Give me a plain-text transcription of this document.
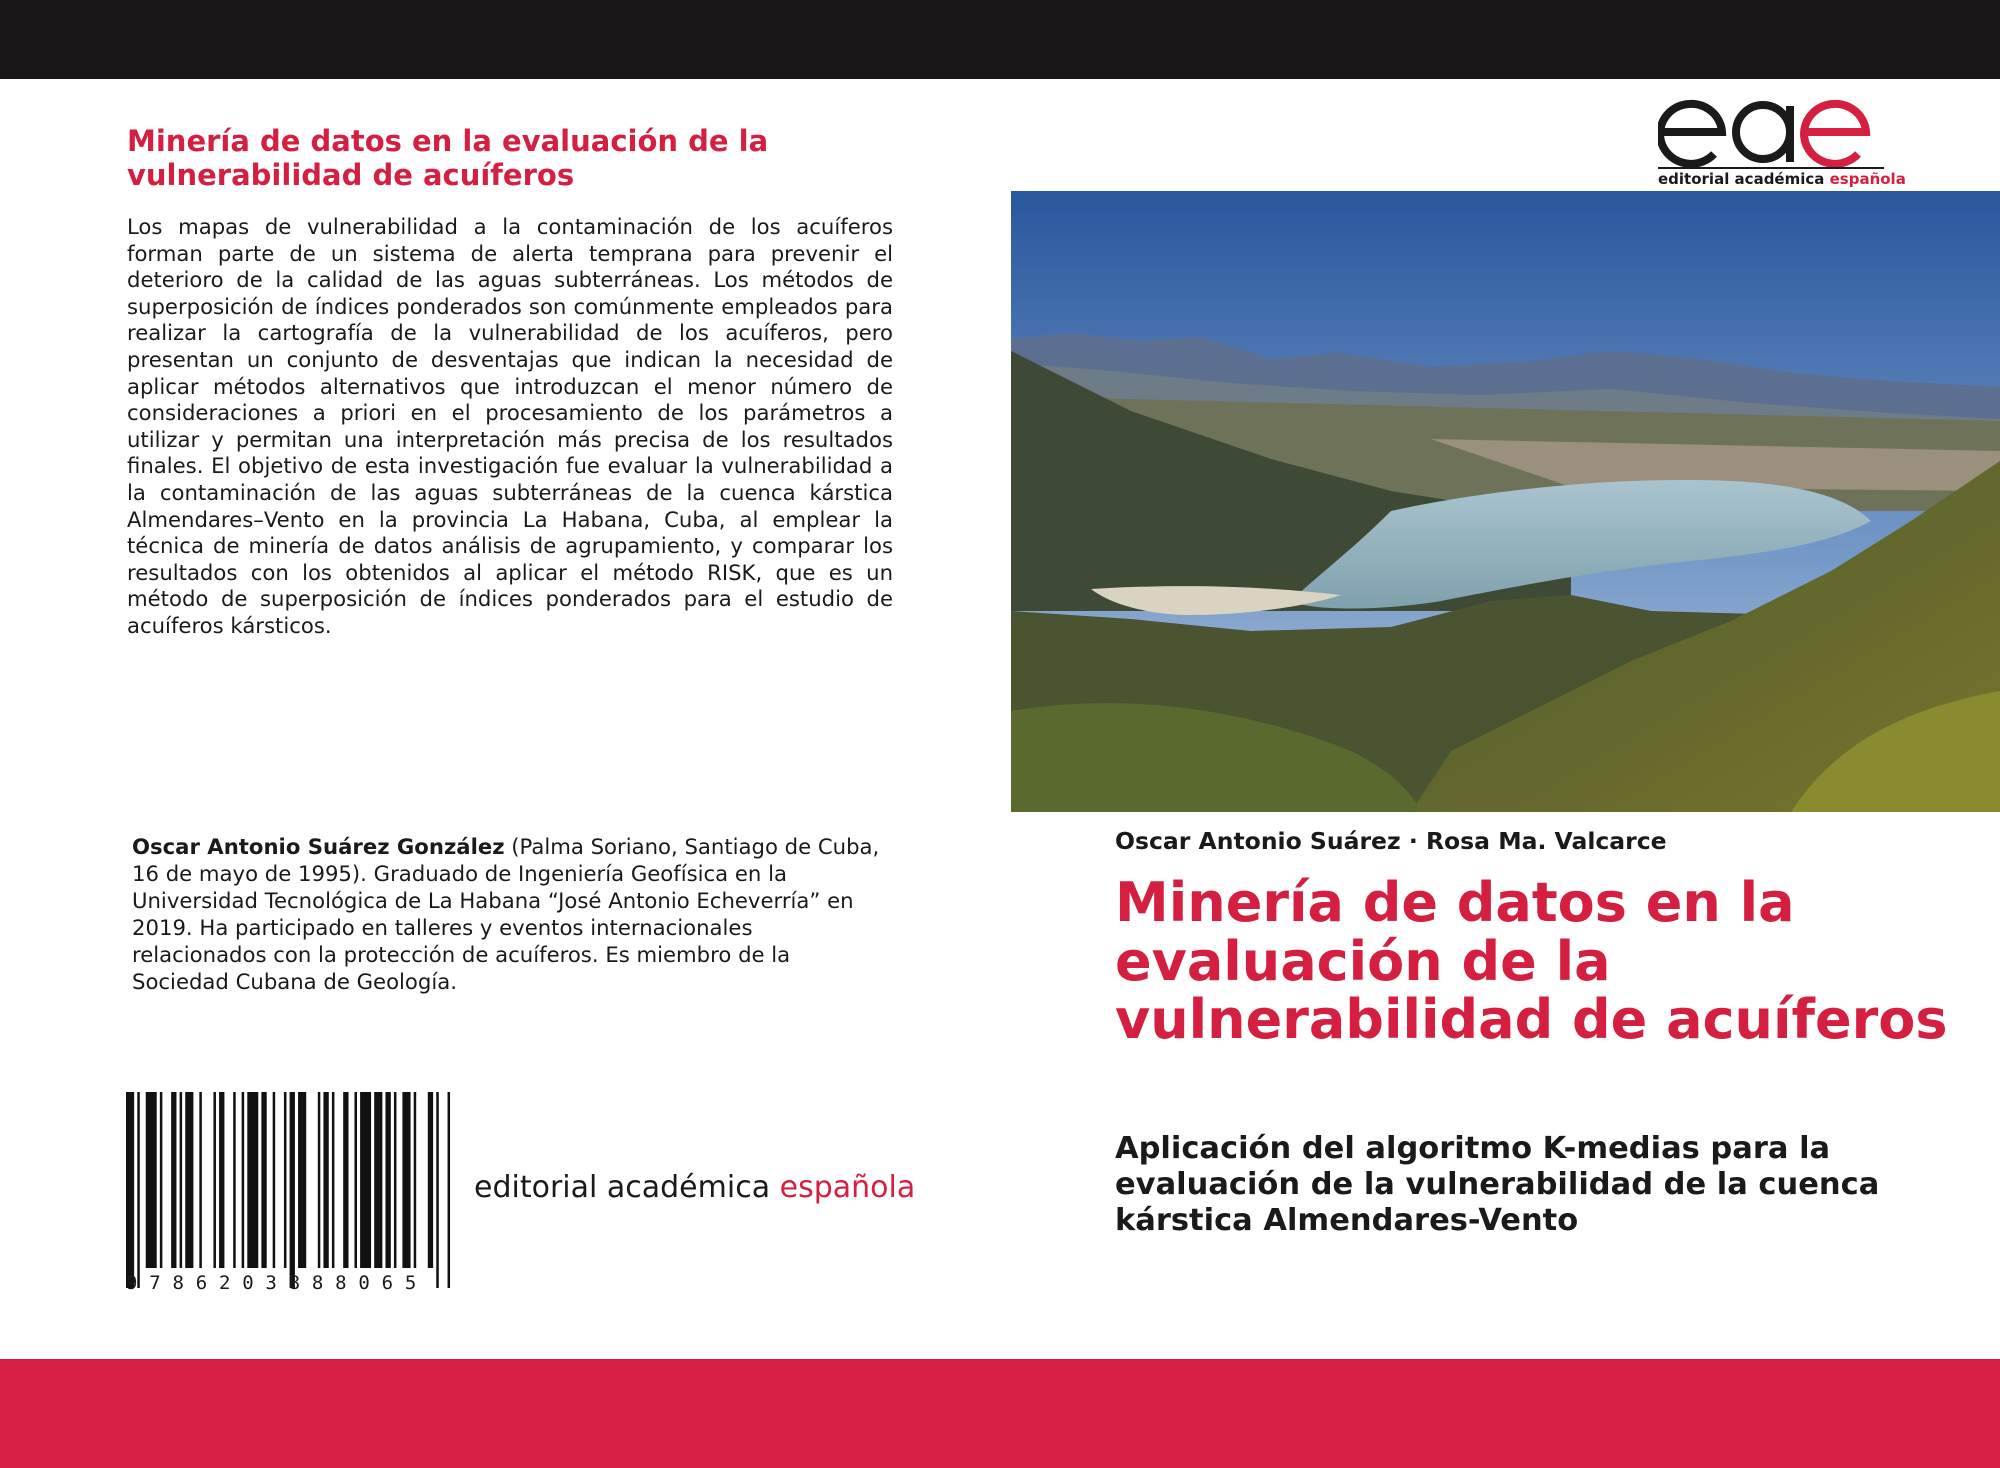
Minería de datos en la evaluación de la vulnerabilidad de acuíferos
Los mapas de vulnerabilidad a la contaminación de los acuíferos forman parte de un sistema de alerta temprana para prevenir el deterioro de la calidad de las aguas subterráneas. Los métodos de superposición de índices ponderados son comúnmente empleados para realizar la cartografía de la vulnerabilidad de los acuíferos, pero presentan un conjunto de desventajas que indican la necesidad de aplicar métodos alternativos que introduzcan el menor número de consideraciones a priori en el procesamiento de los parámetros a utilizar y permitan una interpretación más precisa de los resultados finales. El objetivo de esta investigación fue evaluar la vulnerabilidad a la contaminación de las aguas subterráneas de la cuenca kárstica Almendares–Vento en la provincia La Habana, Cuba, al emplear la técnica de minería de datos análisis de agrupamiento, y comparar los resultados con los obtenidos al aplicar el método RISK, que es un método de superposición de índices ponderados para el estudio de acuíferos kársticos.
Oscar Antonio Suárez González (Palma Soriano, Santiago de Cuba, 16 de mayo de 1995). Graduado de Ingeniería Geofísica en la Universidad Tecnológica de La Habana “José Antonio Echeverría” en 2019. Ha participado en talleres y eventos internacionales relacionados con la protección de acuíferos. Es miembro de la Sociedad Cubana de Geología.
9786203888065
editorial académica española
editorial académica española
Oscar Antonio Suárez · Rosa Ma. Valcarce
Minería de datos en la evaluación de la vulnerabilidad de acuíferos
Aplicación del algoritmo K-medias para la evaluación de la vulnerabilidad de la cuenca kárstica Almendares-Vento
